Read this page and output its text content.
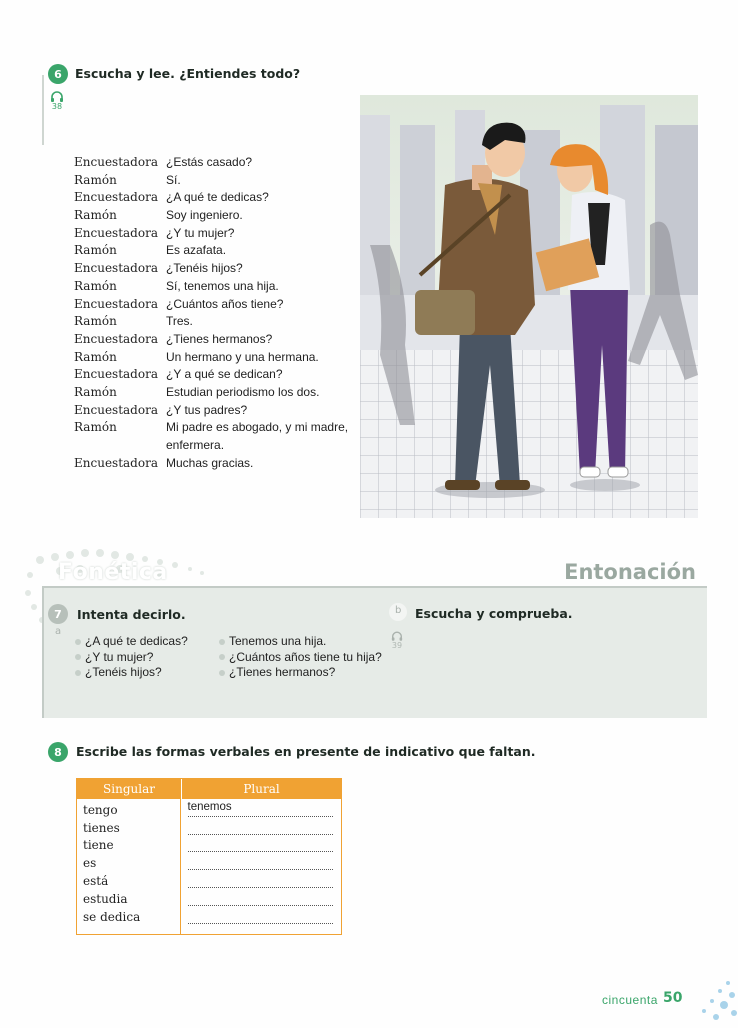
6	Escucha y lee. ¿Entiendes todo?
38
Encuestadora ¿Estás casado?
Ramón	Sí.
Encuestadora ¿A qué te dedicas?
Ramón	Soy ingeniero.
Encuestadora ¿Y tu mujer?
Ramón	Es azafata.
Encuestadora ¿Tenéis hijos?
Ramón	Sí, tenemos una hija.
Encuestadora ¿Cuántos años tiene?
Ramón	Tres.
Encuestadora ¿Tienes hermanos?
Ramón	Un hermano y una hermana.
Encuestadora ¿Y a qué se dedican?
Ramón	Estudian periodismo los dos.
Encuestadora ¿Y tus padres?
Ramón	Mi padre es abogado, y mi madre,
enfermera.
Encuestadora Muchas gracias.
Fonética	Entonación
7
a
Intenta decirlo.	b Escucha y comprueba.
39
¿A qué te dedicas?
¿Y tu mujer?
¿Tenéis hijos?
Tenemos una hija.
¿Cuántos años tiene tu hija?
¿Tienes hermanos?
8	Escribe las formas verbales en presente de indicativo que faltan.
Singular	Plural
tengo	tenemos

tienes	

tiene	

es	

está	

estudia	

se dedica	
cincuenta 50
